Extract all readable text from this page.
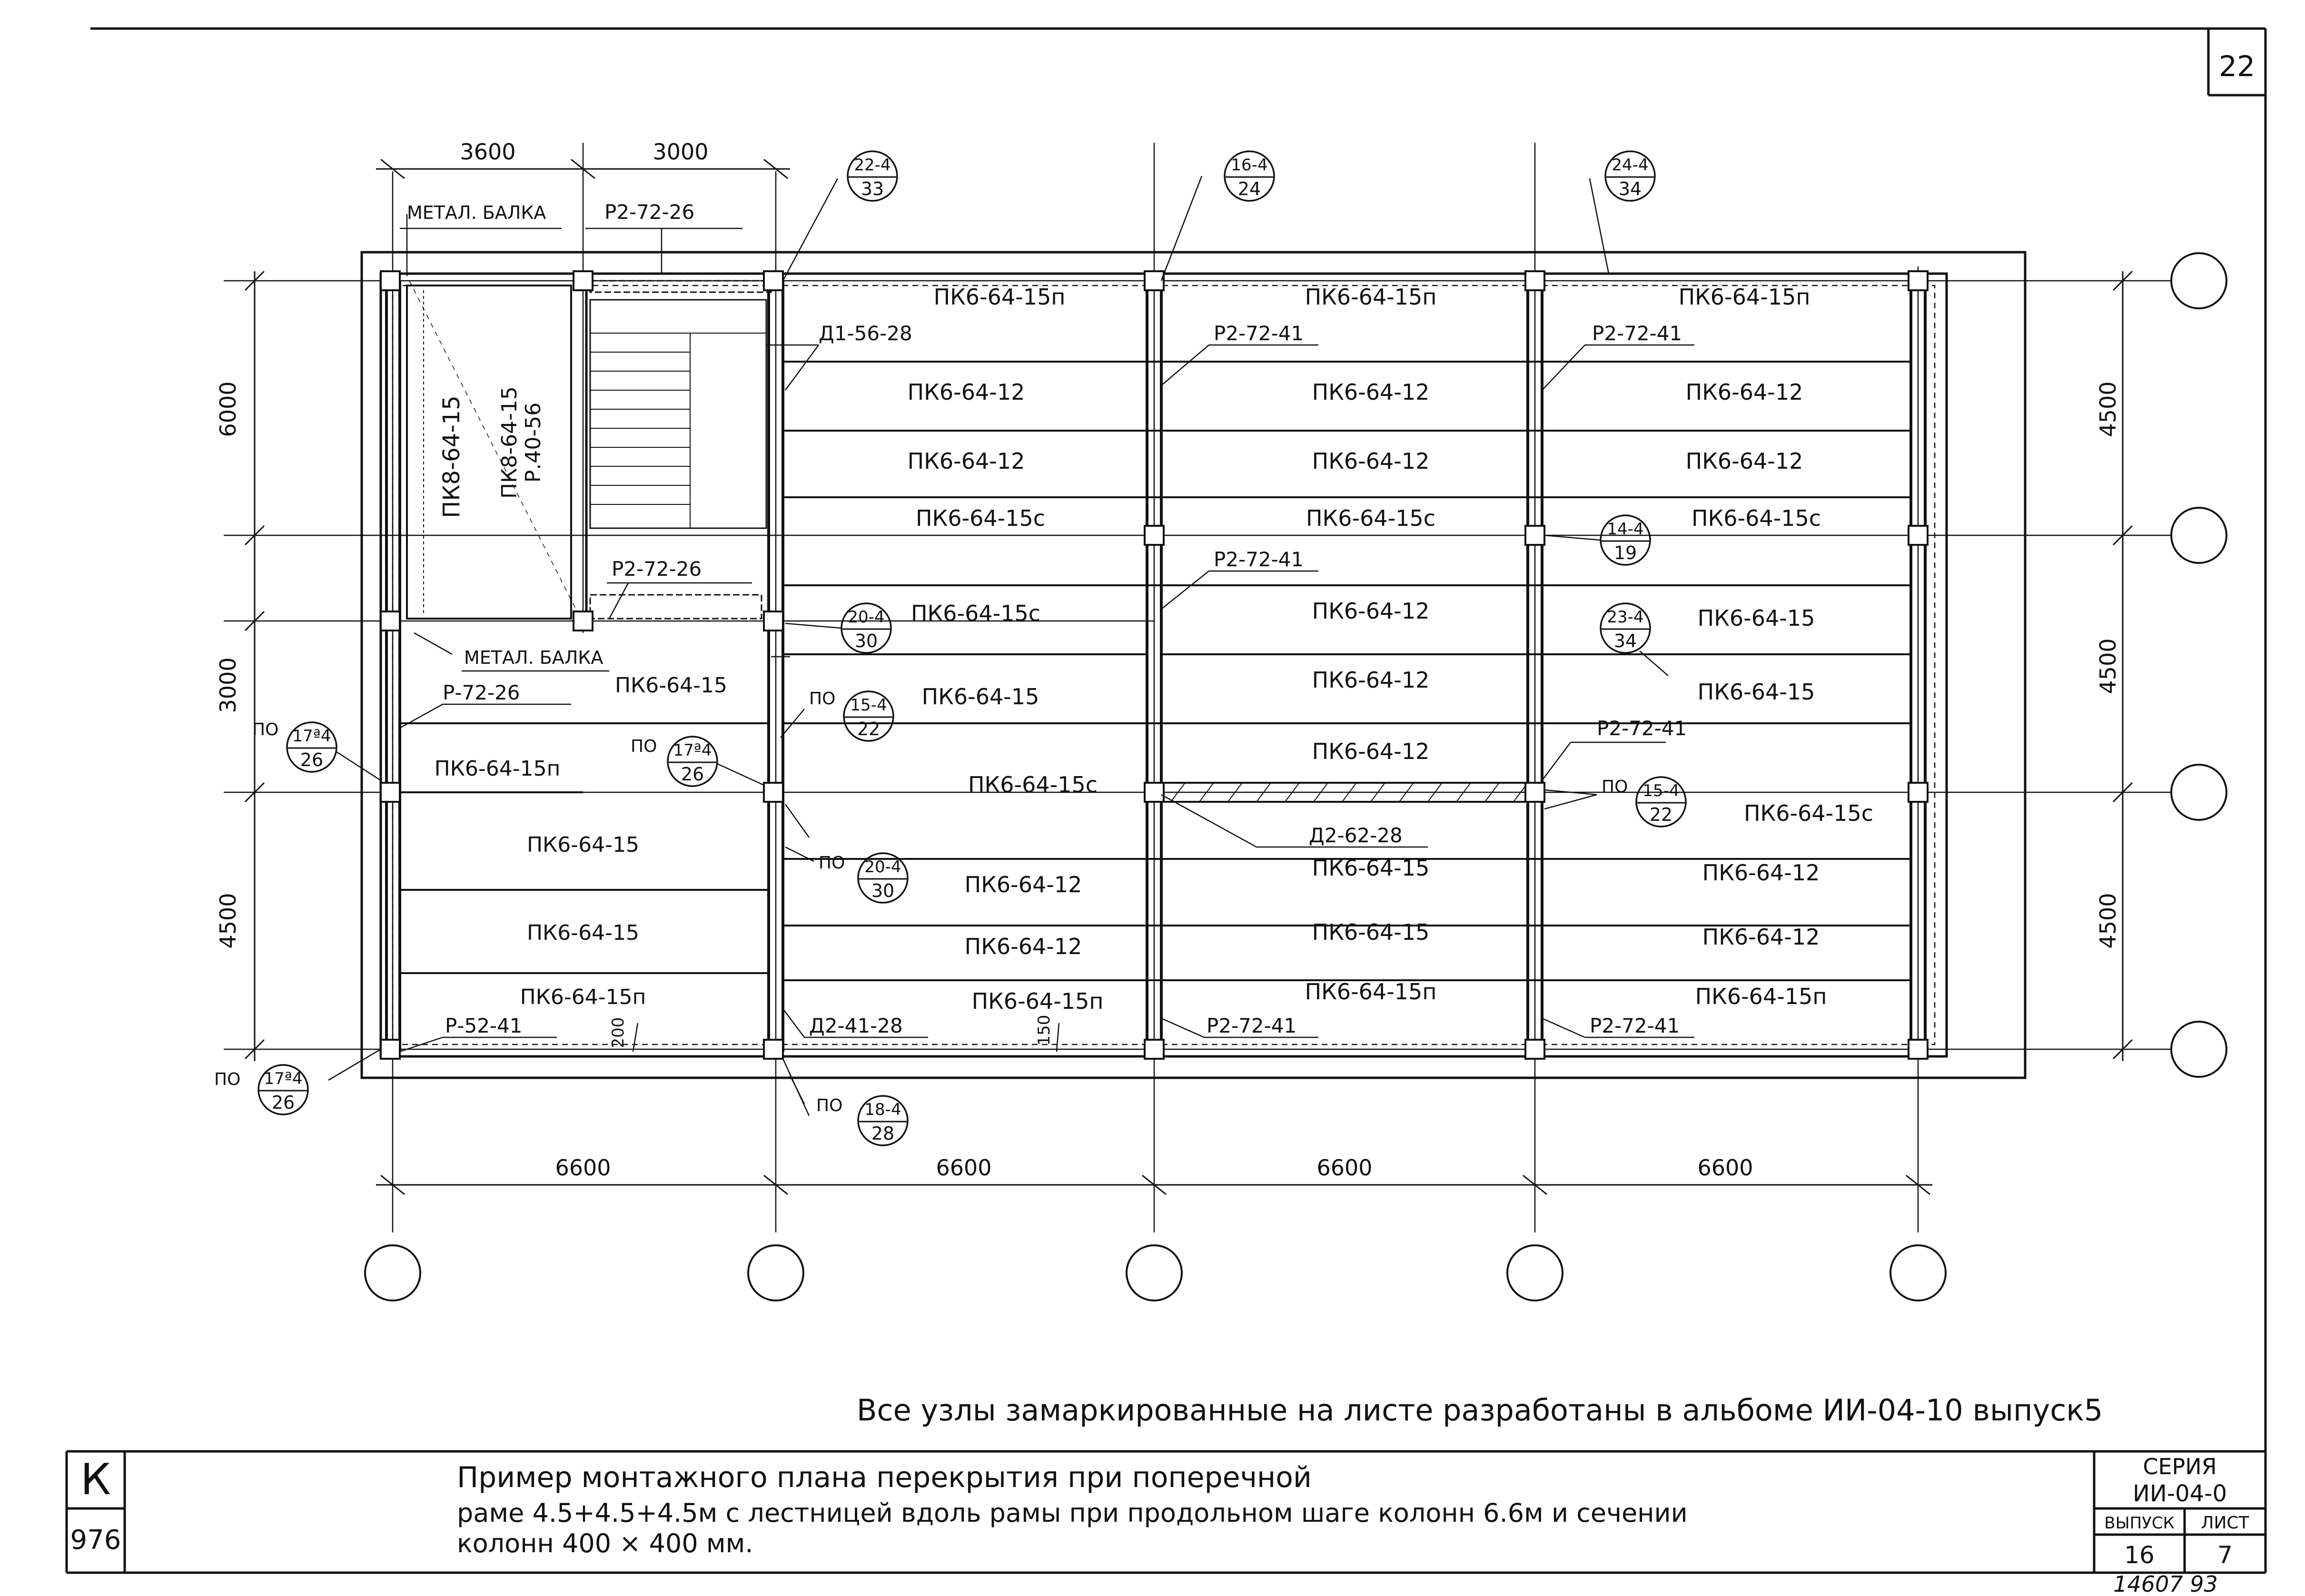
3600	3000
6600	6600	6600	6600
6000
3000
4500
4500
4500
4500
200	150
МЕТАЛ. БАЛКА	Р2-72-26
Р2-72-26
МЕТАЛ. БАЛКА
Р-72-26
Р-52-41
Д1-56-28
Д2-62-28
Д2-41-28
Р2-72-41
Р2-72-41
Р2-72-41
Р2-72-41
Р2-72-41
Р2-72-41
ПК8-64-15 ПК8-64-15 Р.40-56
ПК6-64-15
ПК6-64-15п
ПК6-64-15
ПК6-64-15
ПК6-64-15п
ПК6-64-15п
ПК6-64-12
ПК6-64-12
ПК6-64-15с
ПК6-64-15с
ПК6-64-15
ПК6-64-15с
ПК6-64-12
ПК6-64-12
ПК6-64-15п
ПК6-64-15п
ПК6-64-12
ПК6-64-12
ПК6-64-15с
ПК6-64-12
ПК6-64-12
ПК6-64-12
ПК6-64-15
ПК6-64-15
ПК6-64-15п
ПК6-64-15п
ПК6-64-12
ПК6-64-12
ПК6-64-15с
ПК6-64-15
ПК6-64-15
ПК6-64-15с
ПК6-64-12
ПК6-64-12
ПК6-64-15п
22-4
33
16-4
24
24-4
34
14-4
19
20-4
30
23-4
34
ПО 15-4
22
ПО 17ª4
26
ПО 17ª4
26
ПО 15-4
22
ПО 20-4
30
ПО 17ª4
26	ПО 18-4
28
22
Все узлы замаркированные на листе разработаны в альбоме ИИ-04-10 выпуск5
К
976
Пример монтажного плана перекрытия при поперечной
раме 4.5+4.5+4.5м с лестницей вдоль рамы при продольном шаге колонн 6.6м и сечении
колонн 400 × 400 мм.
СЕРИЯ
ИИ-04-0
ВЫПУСК
16
ЛИСТ
7
14607 93
